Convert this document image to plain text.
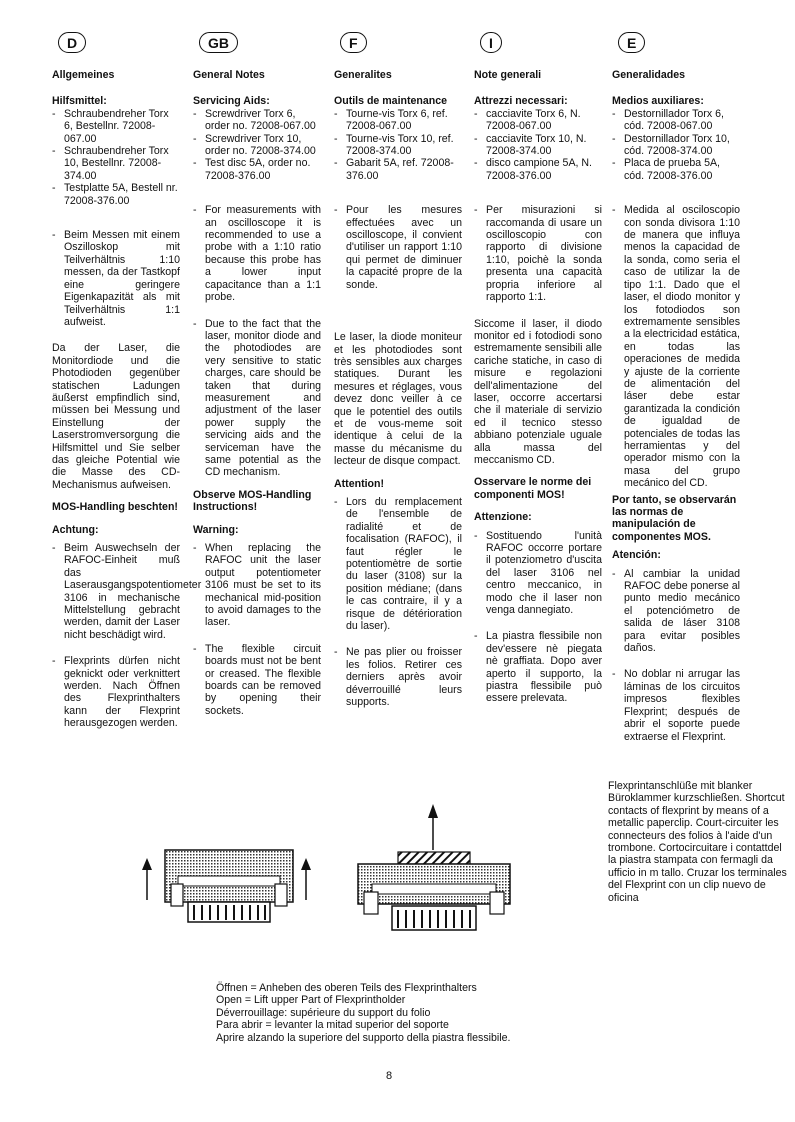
D
Allgemeines
Hilfsmittel:
- Schraubendreher Torx 6, Bestellnr. 72008-067.00
- Schraubendreher Torx 10, Bestellnr. 72008-374.00
- Testplatte 5A, Bestell nr. 72008-376.00
- Beim Messen mit einem Oszilloskop mit Teilverhältnis 1:10 messen, da der Tastkopf eine geringere Eigenkapazität als mit Teilverhältnis 1:1 aufweist.

Da der Laser, die Monitordiode und die Photodioden gegenüber statischen Ladungen äußerst empfindlich sind, müssen bei Messung und Einstellung der Laserstromversorgung die Hilfsmittel und Sie selber das gleiche Potential wie die Masse des CD-Mechanismus aufweisen.

MOS-Handling beschten!
Achtung:
- Beim Auswechseln der RAFOC-Einheit muß das Laserausgangspotentiometer 3106 in mechanische Mittelstellung gebracht werden, damit der Laser nicht beschädigt wird.
- Flexprints dürfen nicht geknickt oder verknittert werden. Nach Öffnen des Flexprinthalters kann der Flexprint herausgezogen werden.
GB
General Notes
Servicing Aids:
- Screwdriver Torx 6, order no. 72008-067.00
- Screwdriver Torx 10, order no. 72008-374.00
- Test disc 5A, order no. 72008-376.00
- For measurements with an oscilloscope it is recommended to use a probe with a 1:10 ratio because this probe has a lower input capacitance than a 1:1 probe.
- Due to the fact that the laser, monitor diode and the photodiodes are very sensitive to static charges, care should be taken that during measurement and adjustment of the laser power supply the servicing aids and the serviceman have the same potential as the CD mechanism.
Observe MOS-Handling Instructions!
Warning:
- When replacing the RAFOC unit the laser output potentiometer 3106 must be set to its mechanical mid-position to avoid damages to the laser.
- The flexible circuit boards must not be bent or creased. The flexible boards can be removed by opening their sockets.
F
Generalites
Outils de maintenance
- Tourne-vis Torx 6, ref. 72008-067.00
- Tourne-vis Torx 10, ref. 72008-374.00
- Gabarit 5A, ref. 72008-376.00
- Pour les mesures effectuées avec un oscilloscope, il convient d'utiliser un rapport 1:10 qui permet de diminuer la capacité propre de la sonde.

Le laser, la diode moniteur et les photodiodes sont très sensibles aux charges statiques. Durant les mesures et réglages, vous devez donc veiller à ce que le potentiel des outils et de vous-meme soit identique à celui de la masse du mécanisme du lecteur de disque compact.

Attention!
- Lors du remplacement de l'ensemble de radialité et de focalisation (RAFOC), il faut régler le potentiomètre de sortie du laser (3108) sur la position médiane; (dans le cas contraire, il y a risque de détérioration du laser).
- Ne pas plier ou froisser les folios. Retirer ces derniers après avoir déverrouillé leurs supports.
I
Note generali
Attrezzi necessari:
- cacciavite Torx 6, N. 72008-067.00
- cacciavite Torx 10, N. 72008-374.00
- disco campione 5A, N. 72008-376.00
- Per misurazioni si raccomanda di usare un oscilloscopio con rapporto di divisione 1:10, poichè la sonda presenta una capacità propria inferiore al rapporto 1:1.

Siccome il laser, il diodo monitor ed i fotodiodi sono estremamente sensibili alle cariche statiche, in caso di misure e regolazioni dell'alimentazione del laser, occorre accertarsi che il materiale di servizio ed il tecnico stesso abbiano potenziale uguale alla massa del meccanismo CD.

Osservare le norme dei componenti MOS!
Attenzione:
- Sostituendo l'unità RAFOC occorre portare il potenziometro d'uscita del laser 3106 nel centro meccanico, in modo che il laser non venga dannegiato.
- La piastra flessibile non dev'essere nè piegata nè graffiata. Dopo aver aperto il supporto, la piastra flessibile può essere prelevata.
E
Generalidades
Medios auxiliares:
- Destornillador Torx 6, cód. 72008-067.00
- Destornillador Torx 10, cód. 72008-374.00
- Placa de prueba 5A, cód. 72008-376.00
- Medida al osciloscopio con sonda divisora 1:10 de manera que influya menos la capacidad de la sonda, como seria el caso de utilizar la de tipo 1:1. Dado que el laser, el diodo monitor y los fotodiodos son extremamente sensibles a la electricidad estática, en todas las operaciones de medida y ajuste de la corriente de alimentación del láser debe estar garantizada la condición de igualdad de potenciales de todas las herramientas y del operador mismo con la masa del grupo mecánico del CD.
Por tanto, se observarán las normas de manipulación de componentes MOS.
Atención:
- Al cambiar la unidad RAFOC debe ponerse al punto medio mecánico el potenciómetro de salida de láser 3108 para evitar posibles daños.
- No doblar ni arrugar las láminas de los circuitos impresos flexibles Flexprint; después de abrir el soporte puede extraerse el Flexprint.
Flexprintanschlüße mit blanker Büroklammer kurzschließen. Shortcut contacts of flexprint by means of a metallic paperclip. Court-circuiter les connecteurs des folios à l'aide d'un trombone. Cortocircuitare i contattdel la piastra stampata con fermagli da ufficio in m tallo. Cruzar los terminales del Flexprint con un clip nuevo de oficina
Öffnen = Anheben des oberen Teils des Flexprinthalters
Open = Lift upper Part of Flexprintholder
Déverrouillage: supérieure du support du folio
Para abrir = levanter la mitad superior del soporte
Aprire alzando la superiore del supporto della piastra flessibile.
8
